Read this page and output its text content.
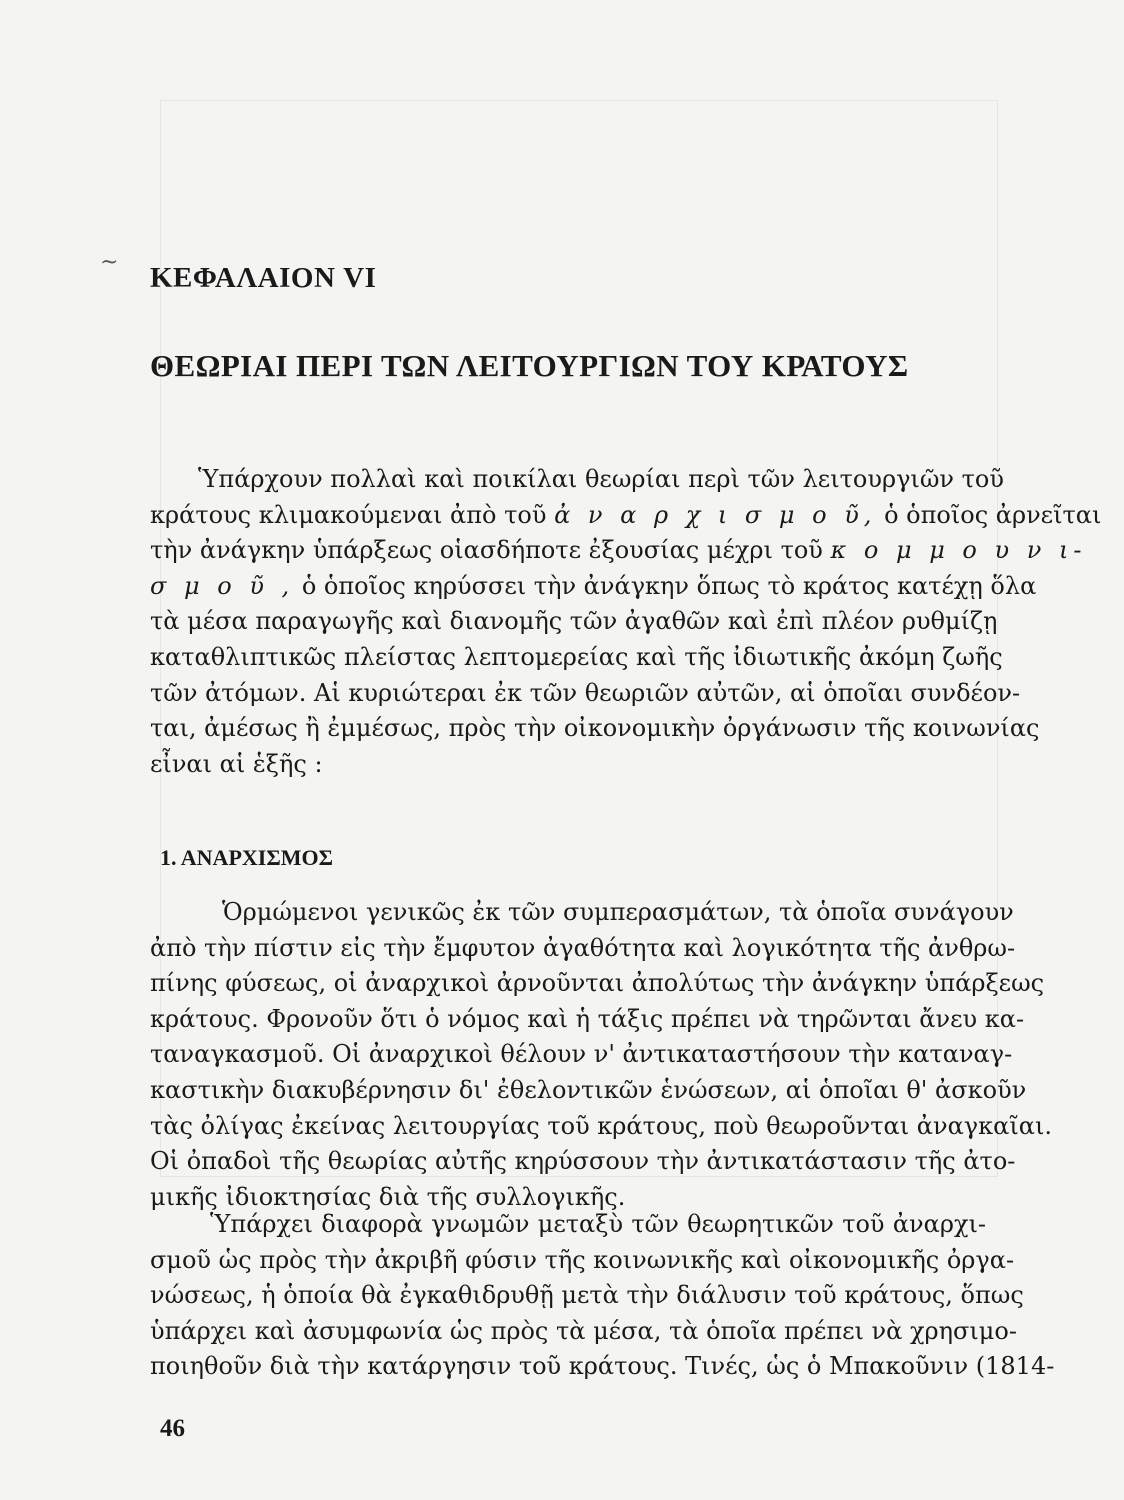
~ ΚΕΦΑΛΑΙΟΝ VI
ΘΕΩΡΙΑΙ ΠΕΡΙ ΤΩΝ ΛΕΙΤΟΥΡΓΙΩΝ ΤΟΥ ΚΡΑΤΟΥΣ
Ὑπάρχουν πολλαὶ καὶ ποικίλαι θεωρίαι περὶ τῶν λειτουργιῶν τοῦ
κράτους κλιμακούμεναι ἀπὸ τοῦ ἀ ν α ρ χ ι σ μ ο ῦ, ὁ ὁποῖος ἀρνεῖται
τὴν ἀνάγκην ὑπάρξεως οἱασδήποτε ἐξουσίας μέχρι τοῦ κ ο μ μ ο υ ν ι-
σ μ ο ῦ , ὁ ὁποῖος κηρύσσει τὴν ἀνάγκην ὅπως τὸ κράτος κατέχῃ ὅλα
τὰ μέσα παραγωγῆς καὶ διανομῆς τῶν ἀγαθῶν καὶ ἐπὶ πλέον ρυθμίζῃ
καταθλιπτικῶς πλείστας λεπτομερείας καὶ τῆς ἰδιωτικῆς ἀκόμη ζωῆς
τῶν ἀτόμων. Αἱ κυριώτεραι ἐκ τῶν θεωριῶν αὐτῶν, αἱ ὁποῖαι συνδέον-
ται, ἀμέσως ἢ ἐμμέσως, πρὸς τὴν οἰκονομικὴν ὀργάνωσιν τῆς κοινωνίας
εἶναι αἱ ἑξῆς :
1. ΑΝΑΡΧΙΣΜΟΣ
Ὁρμώμενοι γενικῶς ἐκ τῶν συμπερασμάτων, τὰ ὁποῖα συνάγουν
ἀπὸ τὴν πίστιν εἰς τὴν ἔμφυτον ἀγαθότητα καὶ λογικότητα τῆς ἀνθρω-
πίνης φύσεως, οἱ ἀναρχικοὶ ἀρνοῦνται ἀπολύτως τὴν ἀνάγκην ὑπάρξεως
κράτους. Φρονοῦν ὅτι ὁ νόμος καὶ ἡ τάξις πρέπει νὰ τηρῶνται ἄνευ κα-
ταναγκασμοῦ. Οἱ ἀναρχικοὶ θέλουν ν' ἀντικαταστήσουν τὴν καταναγ-
καστικὴν διακυβέρνησιν δι' ἐθελοντικῶν ἑνώσεων, αἱ ὁποῖαι θ' ἀσκοῦν
τὰς ὀλίγας ἐκείνας λειτουργίας τοῦ κράτους, ποὺ θεωροῦνται ἀναγκαῖαι.
Οἱ ὀπαδοὶ τῆς θεωρίας αὐτῆς κηρύσσουν τὴν ἀντικατάστασιν τῆς ἀτο-
μικῆς ἰδιοκτησίας διὰ τῆς συλλογικῆς.
Ὑπάρχει διαφορὰ γνωμῶν μεταξὺ τῶν θεωρητικῶν τοῦ ἀναρχι-
σμοῦ ὡς πρὸς τὴν ἀκριβῆ φύσιν τῆς κοινωνικῆς καὶ οἰκονομικῆς ὀργα-
νώσεως, ἡ ὁποία θὰ ἐγκαθιδρυθῇ μετὰ τὴν διάλυσιν τοῦ κράτους, ὅπως
ὑπάρχει καὶ ἀσυμφωνία ὡς πρὸς τὰ μέσα, τὰ ὁποῖα πρέπει νὰ χρησιμο-
ποιηθοῦν διὰ τὴν κατάργησιν τοῦ κράτους. Τινές, ὡς ὁ Μπακοῦνιν (1814-
46
